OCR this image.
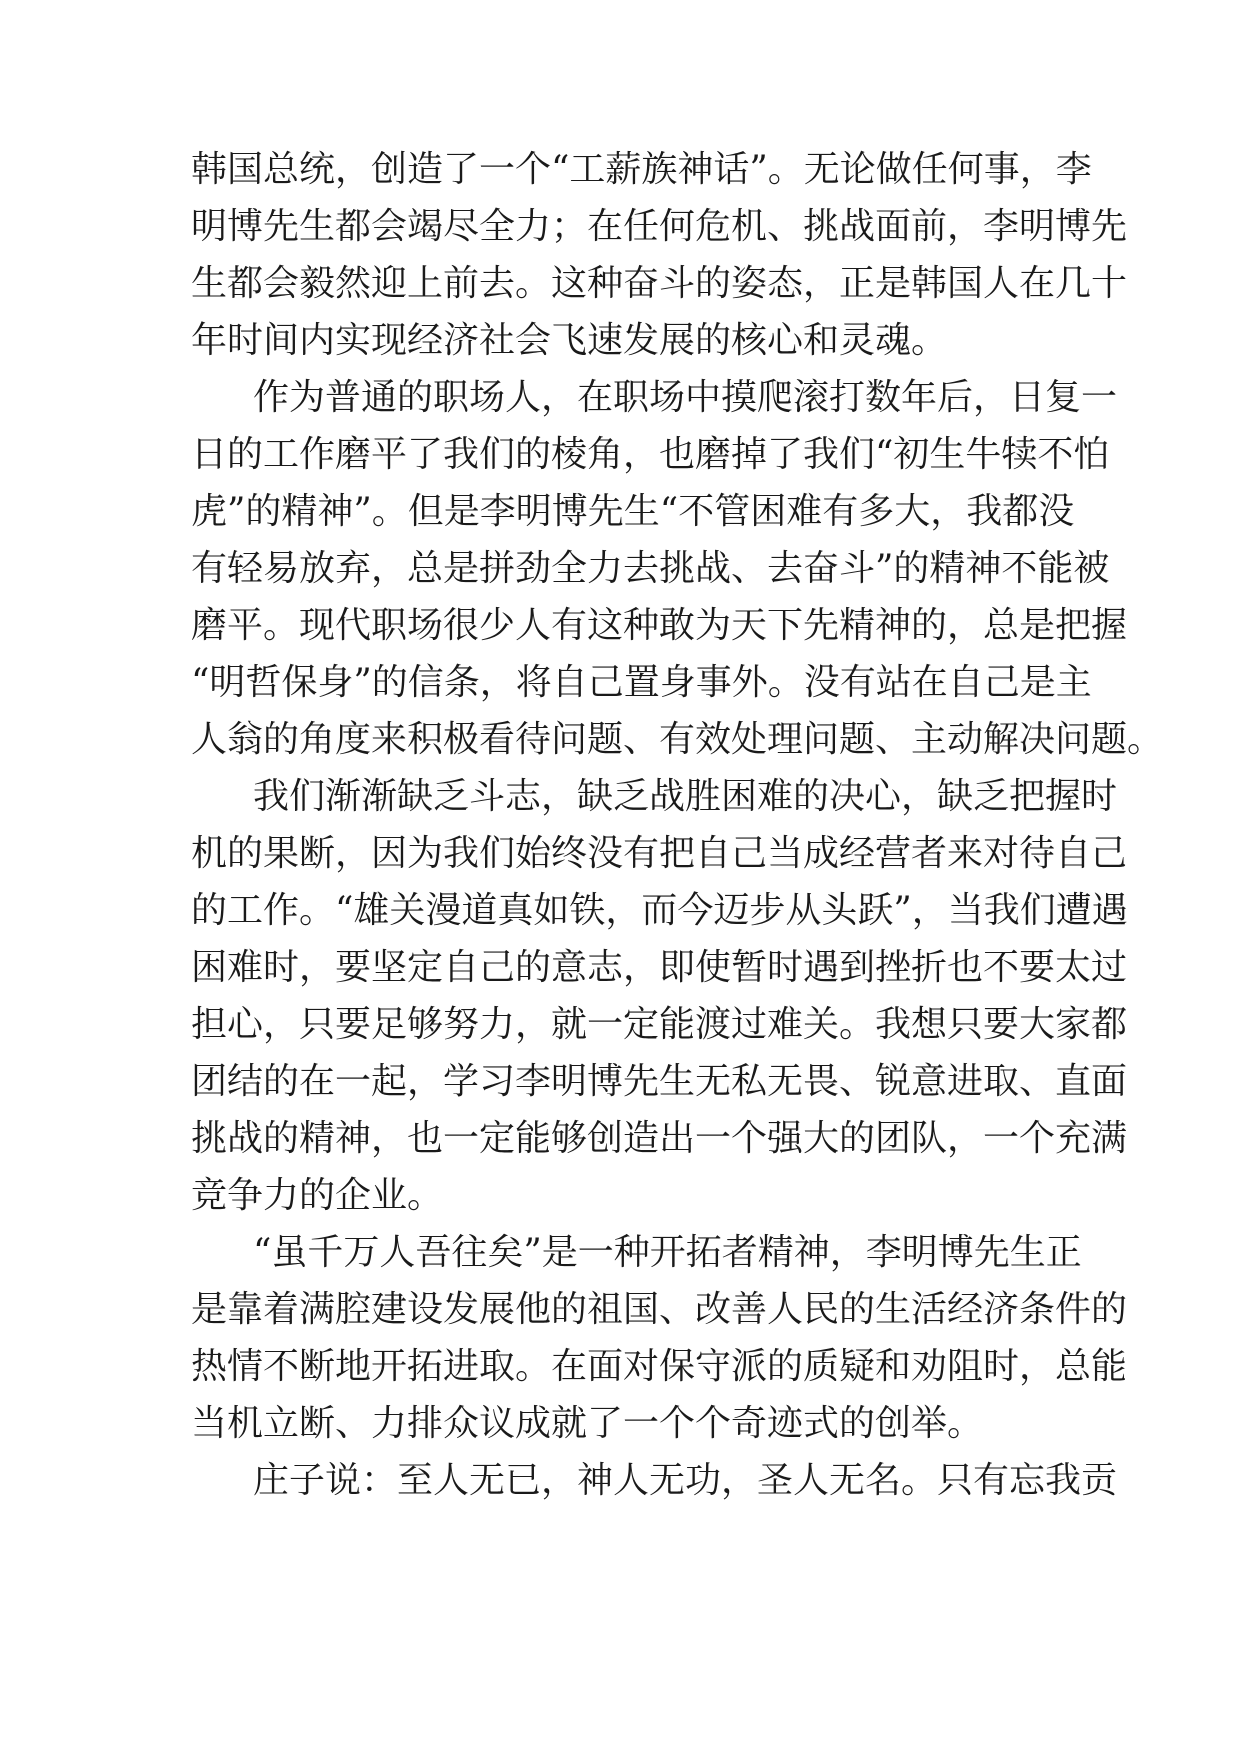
韩国总统，创造了一个“工薪族神话”。无论做任何事，李
明博先生都会竭尽全力；在任何危机、挑战面前，李明博先
生都会毅然迎上前去。这种奋斗的姿态，正是韩国人在几十
年时间内实现经济社会飞速发展的核心和灵魂。
作为普通的职场人，在职场中摸爬滚打数年后，日复一
日的工作磨平了我们的棱角，也磨掉了我们“初生牛犊不怕
虎”的精神”。但是李明博先生“不管困难有多大，我都没
有轻易放弃，总是拼劲全力去挑战、去奋斗”的精神不能被
磨平。现代职场很少人有这种敢为天下先精神的，总是把握
“明哲保身”的信条，将自己置身事外。没有站在自己是主
人翁的角度来积极看待问题、有效处理问题、主动解决问题。
我们渐渐缺乏斗志，缺乏战胜困难的决心，缺乏把握时
机的果断，因为我们始终没有把自己当成经营者来对待自己
的工作。“雄关漫道真如铁，而今迈步从头跃”，当我们遭遇
困难时，要坚定自己的意志，即使暂时遇到挫折也不要太过
担心，只要足够努力，就一定能渡过难关。我想只要大家都
团结的在一起，学习李明博先生无私无畏、锐意进取、直面
挑战的精神，也一定能够创造出一个强大的团队，一个充满
竞争力的企业。
“虽千万人吾往矣”是一种开拓者精神，李明博先生正
是靠着满腔建设发展他的祖国、改善人民的生活经济条件的
热情不断地开拓进取。在面对保守派的质疑和劝阻时，总能
当机立断、力排众议成就了一个个奇迹式的创举。
庄子说：至人无已，神人无功，圣人无名。只有忘我贡
